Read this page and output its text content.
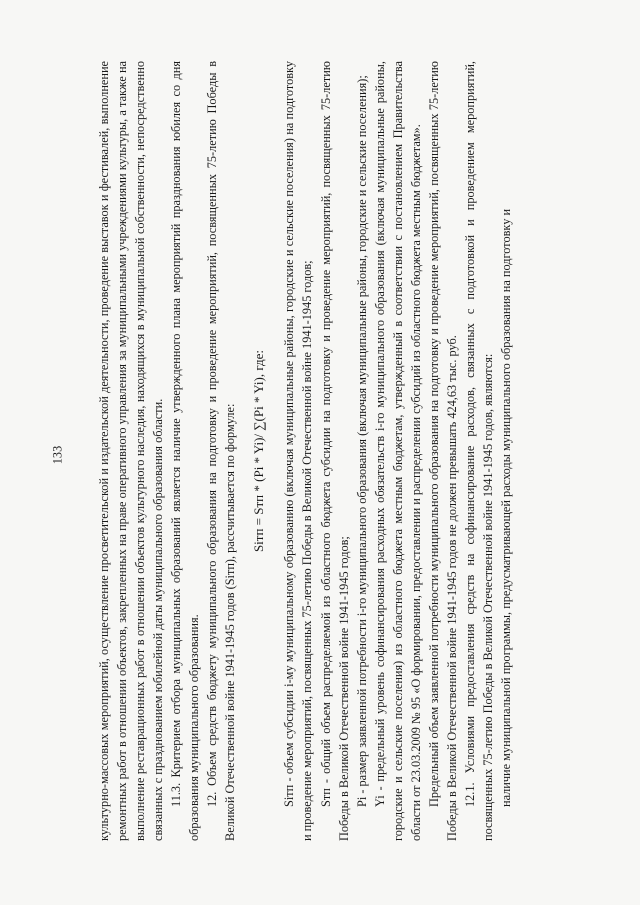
133	культурно-массовых мероприятий, осуществление просветительской и издательской деятельности, проведение выставок и фестивалей, выполнение ремонтных работ в отношении объектов, закрепленных на праве оперативного управления за муниципальными учреждениями культуры, а также на выполнение реставрационных работ в отношении объектов культурного наследия, находящихся в муниципальной собственности, непосредственно связанных с празднованием юбилейной даты муниципального образования области. 11.3. Критерием отбора муниципальных образований является наличие утвержденного плана мероприятий празднования юбилея со дня образования муниципального образования. 12. Объем средств бюджету муниципального образования на подготовку и проведение мероприятий, посвященных 75-летию Победы в Великой Отечественной войне 1941-1945 годов (Siтп), рассчитывается по формуле: Siтп = Sтп * (Pi * Yi)/ ∑(Pi * Yi), где: Siтп - объем субсидии i-му муниципальному образованию (включая муниципальные районы, городские и сельские поселения) на подготовку и проведение мероприятий, посвященных 75-летию Победы в Великой Отечественной войне 1941-1945 годов; Sтп - общий объем распределяемой из областного бюджета субсидии на подготовку и проведение мероприятий, посвященных 75-летию Победы в Великой Отечественной войне 1941-1945 годов; Pi - размер заявленной потребности i-го муниципального образования (включая муниципальные районы, городские и сельские поселения); Yi - предельный уровень софинансирования расходных обязательств i-го муниципального образования (включая муниципальные районы, городские и сельские поселения) из областного бюджета местным бюджетам, утвержденный в соответствии с постановлением Правительства области от 23.03.2009 № 95 «О формировании, предоставлении и распределении субсидий из областного бюджета местным бюджетам». Предельный объем заявленной потребности муниципального образования на подготовку и проведение мероприятий, посвященных 75-летию Победы в Великой Отечественной войне 1941-1945 годов не должен превышать 424,63 тыс. руб. 12.1. Условиями предоставления средств на софинансирование расходов, связанных с подготовкой и проведением мероприятий, посвященных 75-летию Победы в Великой Отечественной войне 1941-1945 годов, являются: наличие муниципальной программы, предусматривающей расходы муниципального образования на подготовку и
